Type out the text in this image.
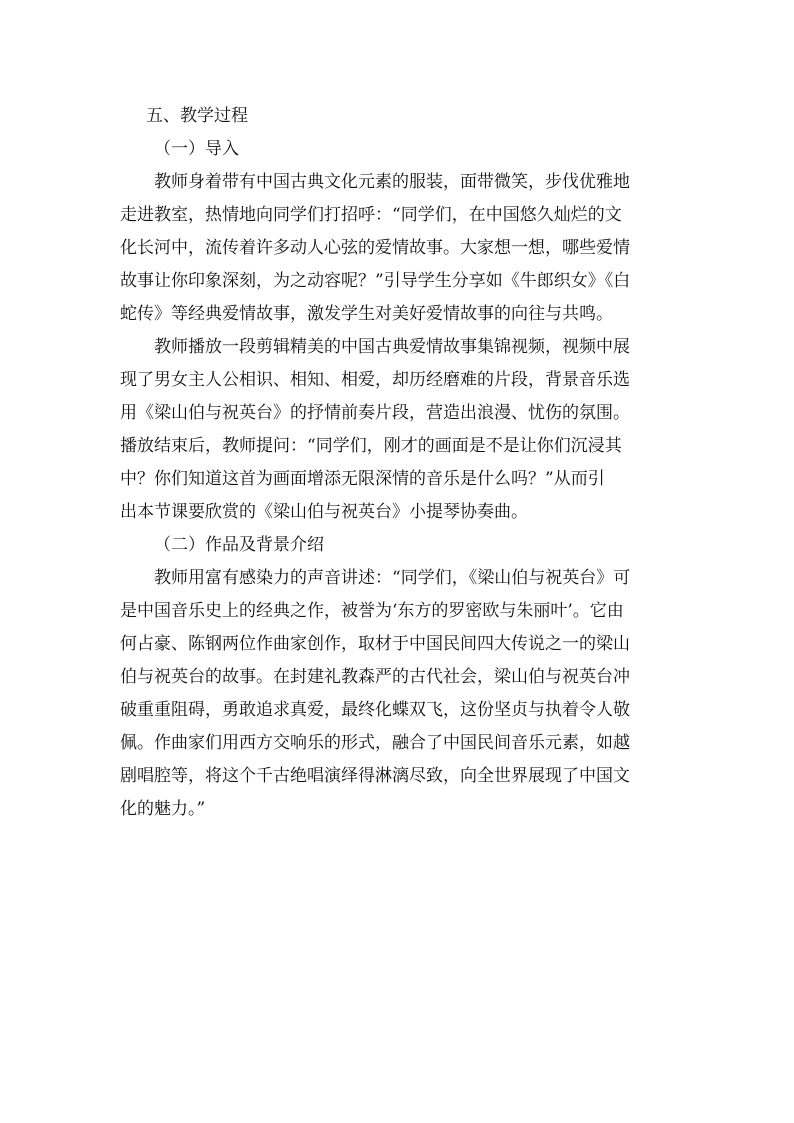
五、教学过程
（一）导入
教师身着带有中国古典文化元素的服装，面带微笑，步伐优雅地
走进教室，热情地向同学们打招呼：“同学们，在中国悠久灿烂的文
化长河中，流传着许多动人心弦的爱情故事。大家想一想，哪些爱情
故事让你印象深刻，为之动容呢？”引导学生分享如《牛郎织女》《白
蛇传》等经典爱情故事，激发学生对美好爱情故事的向往与共鸣。
教师播放一段剪辑精美的中国古典爱情故事集锦视频，视频中展
现了男女主人公相识、相知、相爱，却历经磨难的片段，背景音乐选
用《梁山伯与祝英台》的抒情前奏片段，营造出浪漫、忧伤的氛围。
播放结束后，教师提问：“同学们，刚才的画面是不是让你们沉浸其
中？你们知道这首为画面增添无限深情的音乐是什么吗？”从而引
出本节课要欣赏的《梁山伯与祝英台》小提琴协奏曲。
（二）作品及背景介绍
教师用富有感染力的声音讲述：“同学们，《梁山伯与祝英台》可
是中国音乐史上的经典之作，被誉为‘东方的罗密欧与朱丽叶’。它由
何占豪、陈钢两位作曲家创作，取材于中国民间四大传说之一的梁山
伯与祝英台的故事。在封建礼教森严的古代社会，梁山伯与祝英台冲
破重重阻碍，勇敢追求真爱，最终化蝶双飞，这份坚贞与执着令人敬
佩。作曲家们用西方交响乐的形式，融合了中国民间音乐元素，如越
剧唱腔等，将这个千古绝唱演绎得淋漓尽致，向全世界展现了中国文
化的魅力。”
